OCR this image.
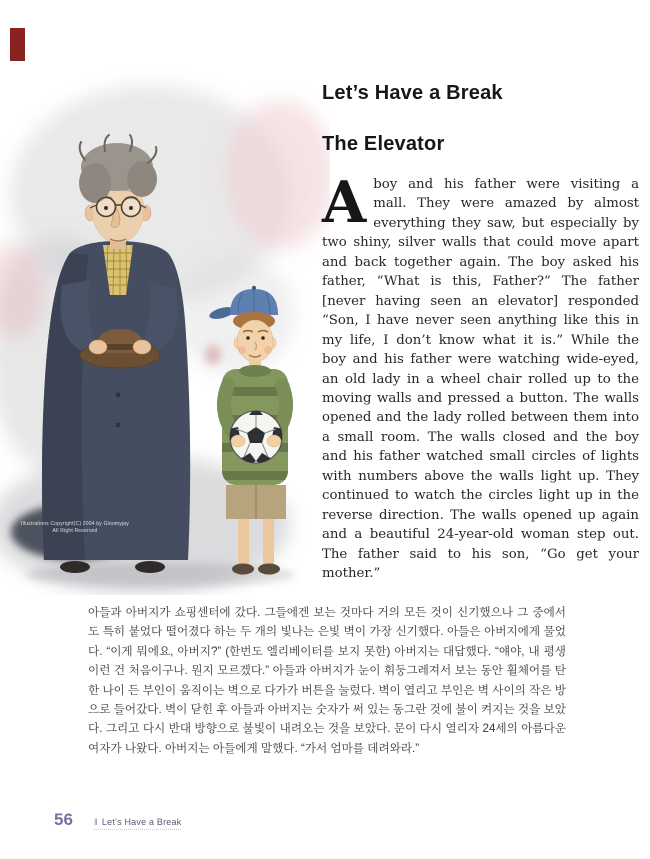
Illustrations Copyright(C) 2004 by Gloomyjay
All Right Reserved
Let’s Have a Break
The Elevator
Aboy and his father were visiting a mall. They were amazed by almost everything they saw, but especially by two shiny, silver walls that could move apart and back together again. The boy asked his father, “What is this, Father?” The father [never having seen an elevator] responded “Son, I have never seen anything like this in my life, I don’t know what it is.” While the boy and his father were watching wide-eyed, an old lady in a wheel chair rolled up to the moving walls and pressed a button. The walls opened and the lady rolled between them into a small room. The walls closed and the boy and his father watched small circles of lights with numbers above the walls light up. They continued to watch the circles light up in the reverse direction. The walls opened up again and a beautiful 24-year-old woman step out. The father said to his son, “Go get your mother.”
아들과 아버지가 쇼핑센터에 갔다. 그들에겐 보는 것마다 거의 모든 것이 신기했으나 그 중에서도 특히 붙었다 떨어졌다 하는 두 개의 빛나는 은빛 벽이 가장 신기했다. 아들은 아버지에게 물었다. “이게 뭐에요, 아버지?” (한번도 엘리베이터를 보지 못한) 아버지는 대답했다. “얘야, 내 평생 이런 건 처음이구나. 뭔지 모르겠다.” 아들과 아버지가 눈이 휘둥그레져서 보는 동안 휠체어를 탄 한 나이 든 부인이 움직이는 벽으로 다가가 버튼을 눌렀다. 벽이 열리고 부인은 벽 사이의 작은 방으로 들어갔다. 벽이 닫힌 후 아들과 아버지는 숫자가 써 있는 동그란 것에 불이 켜지는 것을 보았다. 그리고 다시 반대 방향으로 불빛이 내려오는 것을 보았다. 문이 다시 열리자 24세의 아름다운 여자가 나왔다. 아버지는 아들에게 말했다. “가서 엄마를 데려와라.”
56 ‖ Let’s Have a Break
